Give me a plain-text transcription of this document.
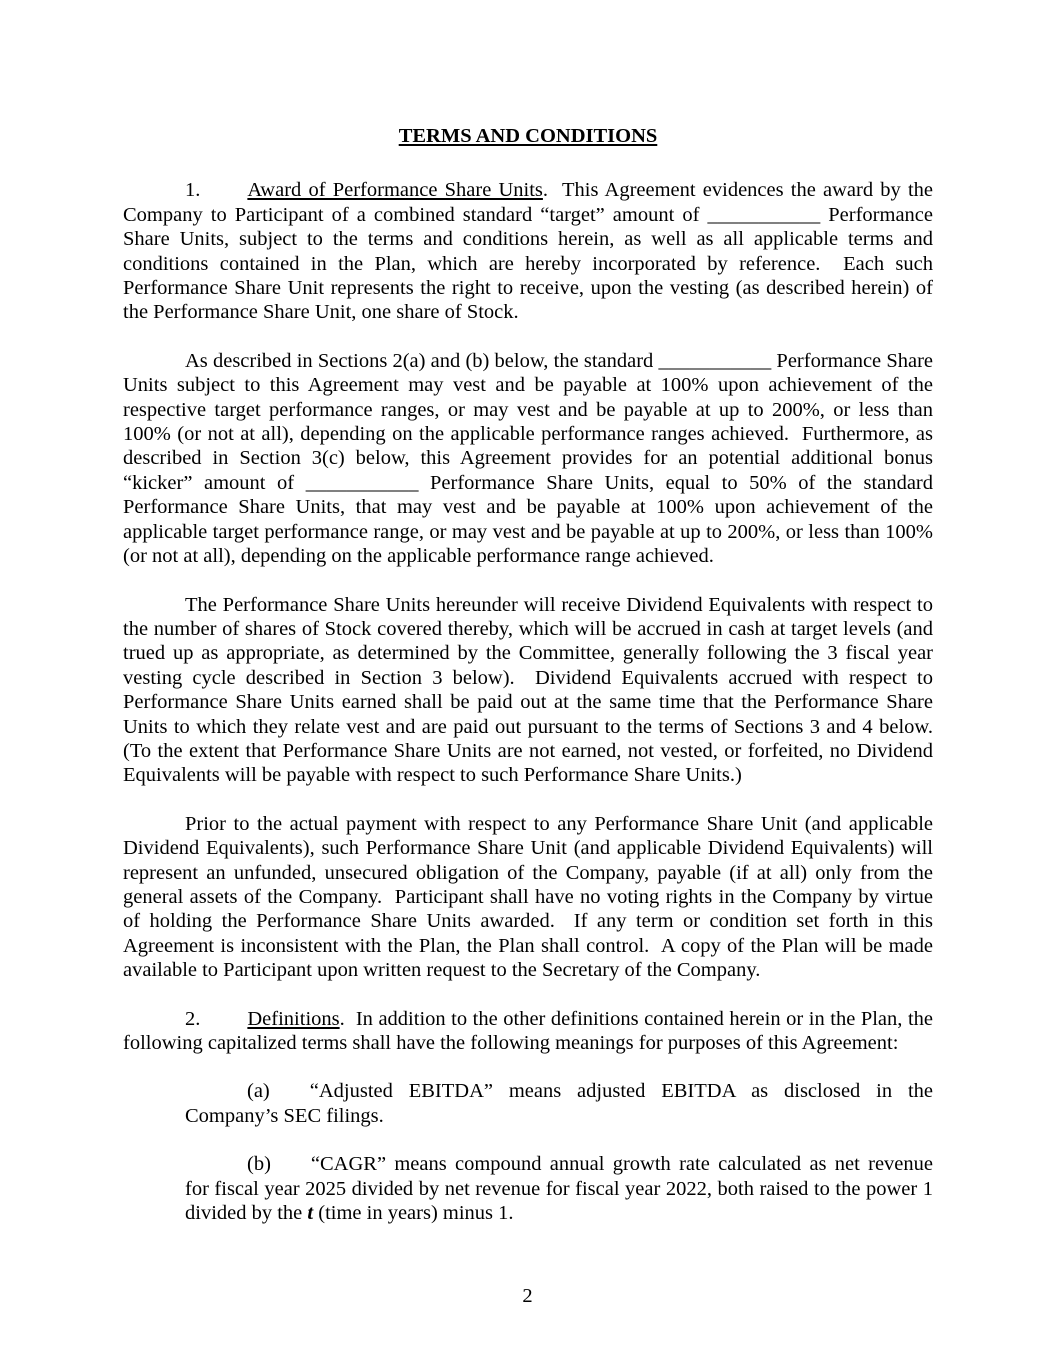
TERMS AND CONDITIONS

1. Award of Performance Share Units.  This Agreement evidences the award by the Company to Participant of a combined standard “target” amount of ___________ Performance Share Units, subject to the terms and conditions herein, as well as all applicable terms and conditions contained in the Plan, which are hereby incorporated by reference.  Each such Performance Share Unit represents the right to receive, upon the vesting (as described herein) of the Performance Share Unit, one share of Stock.

As described in Sections 2(a) and (b) below, the standard ___________ Performance Share Units subject to this Agreement may vest and be payable at 100% upon achievement of the respective target performance ranges, or may vest and be payable at up to 200%, or less than 100% (or not at all), depending on the applicable performance ranges achieved.  Furthermore, as described in Section 3(c) below, this Agreement provides for an potential additional bonus “kicker” amount of ___________ Performance Share Units, equal to 50% of the standard Performance Share Units, that may vest and be payable at 100% upon achievement of the applicable target performance range, or may vest and be payable at up to 200%, or less than 100% (or not at all), depending on the applicable performance range achieved.

The Performance Share Units hereunder will receive Dividend Equivalents with respect to the number of shares of Stock covered thereby, which will be accrued in cash at target levels (and trued up as appropriate, as determined by the Committee, generally following the 3 fiscal year vesting cycle described in Section 3 below).  Dividend Equivalents accrued with respect to Performance Share Units earned shall be paid out at the same time that the Performance Share Units to which they relate vest and are paid out pursuant to the terms of Sections 3 and 4 below.  (To the extent that Performance Share Units are not earned, not vested, or forfeited, no Dividend Equivalents will be payable with respect to such Performance Share Units.)

Prior to the actual payment with respect to any Performance Share Unit (and applicable Dividend Equivalents), such Performance Share Unit (and applicable Dividend Equivalents) will represent an unfunded, unsecured obligation of the Company, payable (if at all) only from the general assets of the Company.  Participant shall have no voting rights in the Company by virtue of holding the Performance Share Units awarded.  If any term or condition set forth in this Agreement is inconsistent with the Plan, the Plan shall control.  A copy of the Plan will be made available to Participant upon written request to the Secretary of the Company.

2. Definitions.  In addition to the other definitions contained herein or in the Plan, the following capitalized terms shall have the following meanings for purposes of this Agreement:

(a) “Adjusted EBITDA” means adjusted EBITDA as disclosed in the Company’s SEC filings.

(b) “CAGR” means compound annual growth rate calculated as net revenue for fiscal year 2025 divided by net revenue for fiscal year 2022, both raised to the power 1 divided by the t (time in years) minus 1.

2
